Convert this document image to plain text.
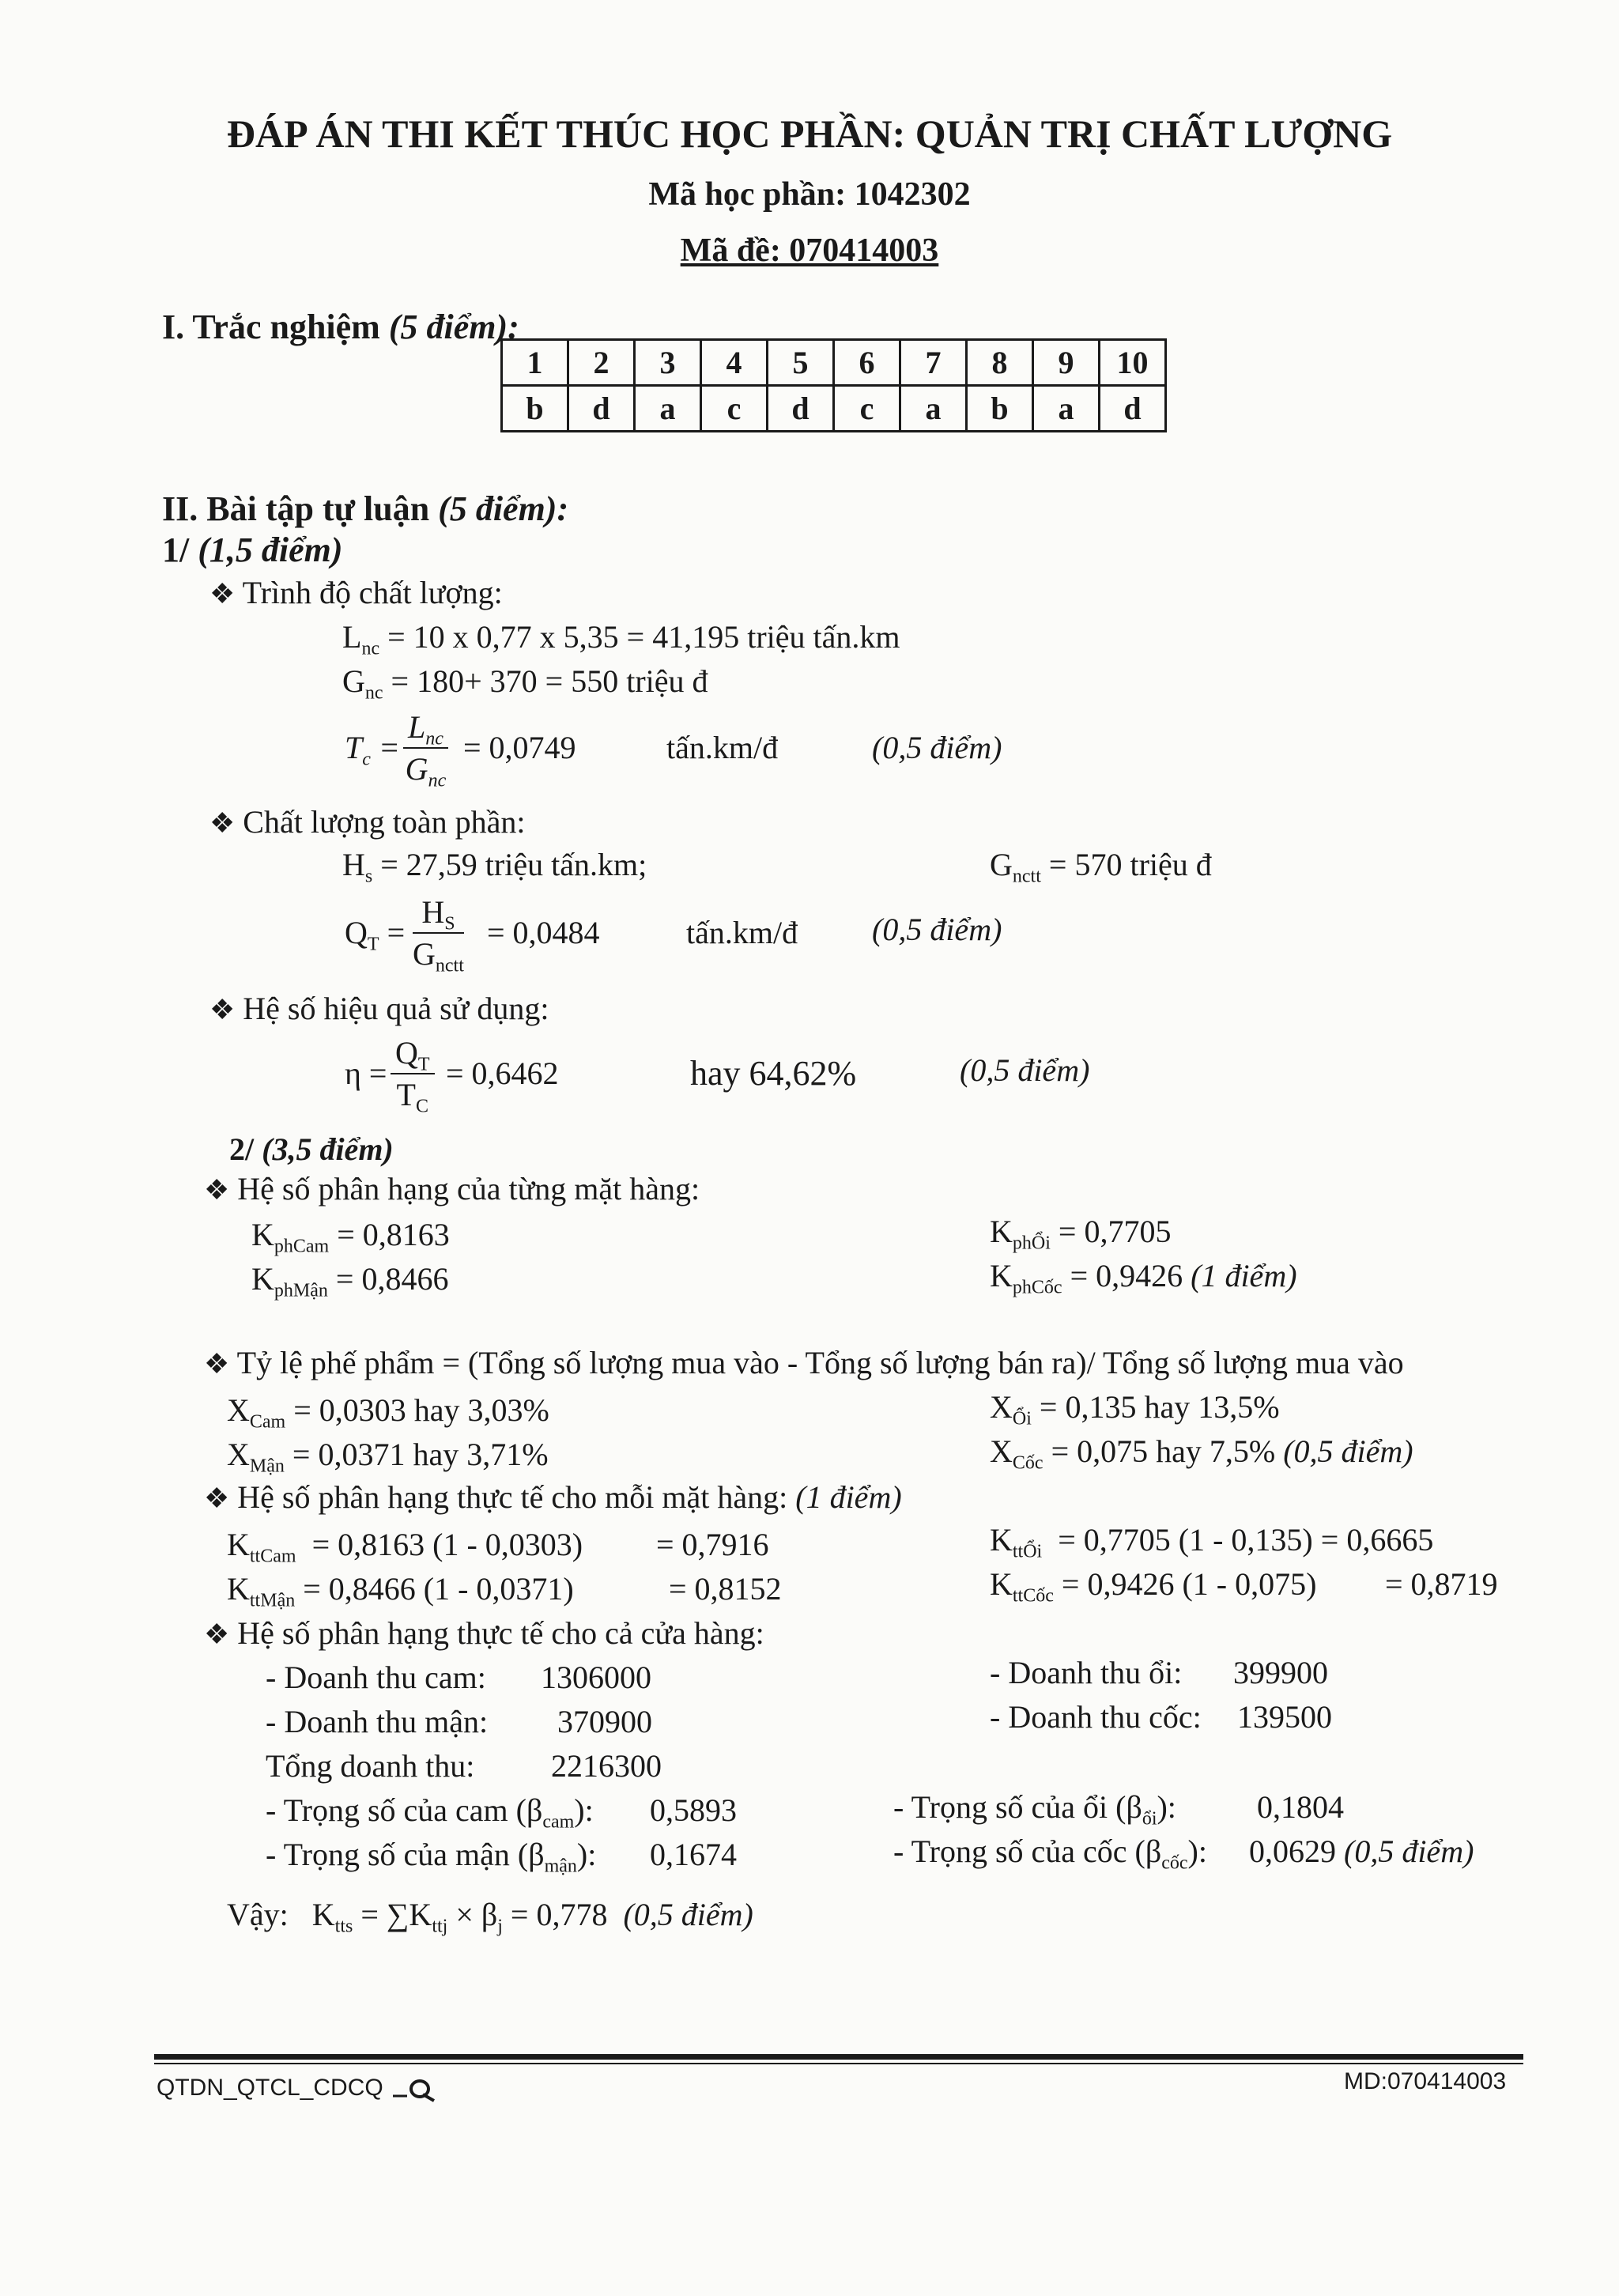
ĐÁP ÁN THI KẾT THÚC HỌC PHẦN: QUẢN TRỊ CHẤT LƯỢNG
Mã học phần: 1042302
Mã đề: 070414003
I. Trắc nghiệm (5 điểm):
1	2	3	4	5	6	7	8	9	10
b	d	a	c	d	c	a	b	a	d
II. Bài tập tự luận (5 điểm):
1/ (1,5 điểm)
❖ Trình độ chất lượng:
$L_{nc} = 10$ x 0,77 x 5,35 = 41,195 triệu tấn.km
$G_{nc} = 180+ 370 = 550$ triệu đ
$T_c$ =
$L_{nc}$
$G_{nc}$
= 0,0749	tấn.km/đ	(0,5 điểm)
❖ Chất lượng toàn phần:
$H_s = 27,59$ triệu tấn.km;	$G_{nctt} = 570$ triệu đ
$Q_T$ =
$H_S$
$G_{nctt}$
= 0,0484	tấn.km/đ (0,5 điểm)
❖ Hệ số hiệu quả sử dụng:
$\eta = \frac{Q_T}{T_C} = 0,6462$	hay 64,62%	(0,5 điểm)
2/ (3,5 điểm)
❖ Hệ số phân hạng của từng mặt hàng:
$K_{phCam} = 0,8163$
$K_{phMận} = 0,8466$
$K_{phỔi} = 0,7705$
$K_{phCốc} = 0,9426$ (1 điểm)
❖ Tỷ lệ phế phẩm = (Tổng số lượng mua vào - Tổng số lượng bán ra)/ Tổng số lượng mua vào
$X_{Cam} = 0,0303$ hay 3,03%
$X_{Mận} = 0,0371$ hay 3,71%
$X_{Ổi} = 0,135$ hay 13,5%
$X_{Cốc} = 0,075$ hay 7,5% (0,5 điểm)
❖ Hệ số phân hạng thực tế cho mỗi mặt hàng: (1 điểm)
$K_{ttCam} = 0,8163$ (1 - 0,0303) = 0,7916
$K_{ttMận} = 0,8466$ (1 - 0,0371)	= 0,8152
$K_{ttỔi} = 0,7705$ (1 - 0,135) = 0,6665
$K_{ttCốc} = 0,9426$ (1 - 0,075) = 0,8719
❖ Hệ số phân hạng thực tế cho cả cửa hàng:
- Doanh thu cam: 1306000
- Doanh thu mận: 370900
Tổng doanh thu: 2216300
- Doanh thu ổi: 399900
- Doanh thu cốc: 139500
- Trọng số của cam $(\beta_{cam})$: 0,5893
- Trọng số của mận $(\beta_{mận})$: 0,1674
- Trọng số của ổi $(\beta_{ổi})$:	0,1804
- Trọng số của cốc $(\beta_{cốc})$: 0,0629 (0,5 điểm)
Vậy:   $K_{tts} = \sum K_{ttj} \times \beta_j = 0,778$ (0,5 điểm)
QTDN_QTCL_CDCQ	MD:070414003
